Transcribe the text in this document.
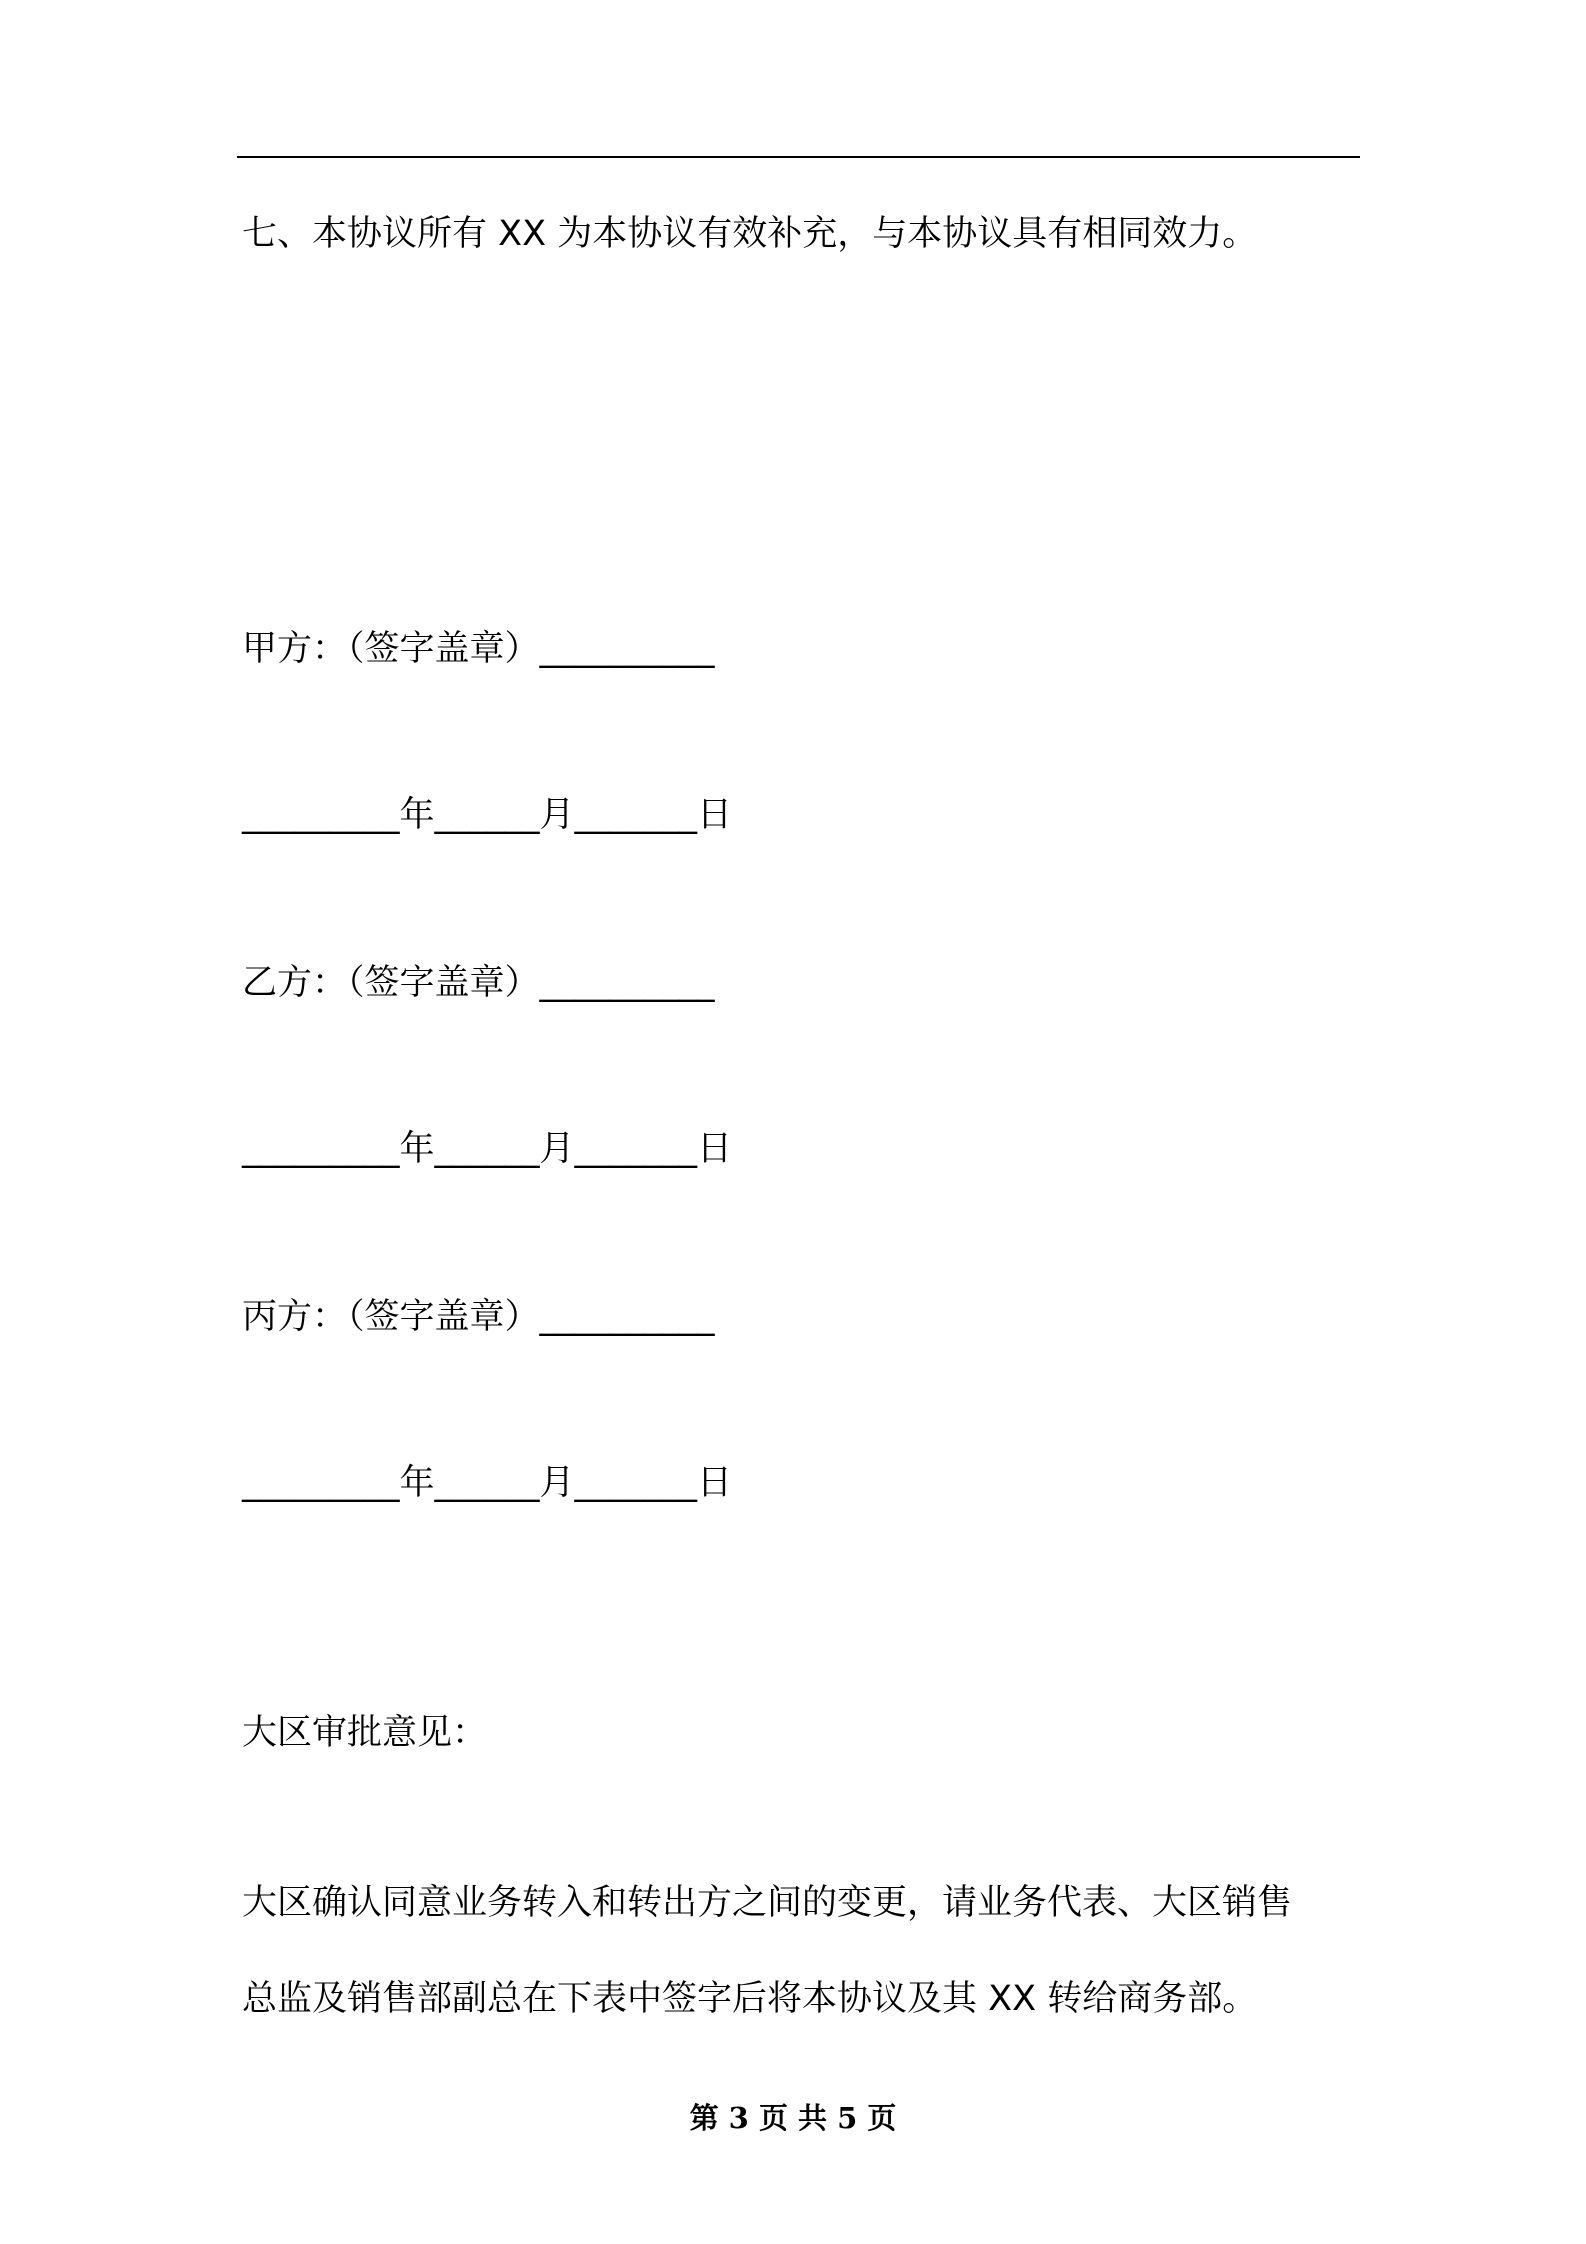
七、本协议所有 XX 为本协议有效补充，与本协议具有相同效力。
甲方：（签字盖章）__________
_________年______月_______日
乙方：（签字盖章）__________
_________年______月_______日
丙方：（签字盖章）__________
_________年______月_______日
大区审批意见：
大区确认同意业务转入和转出方之间的变更，请业务代表、大区销售
总监及销售部副总在下表中签字后将本协议及其 XX 转给商务部。
第 3 页 共 5 页
